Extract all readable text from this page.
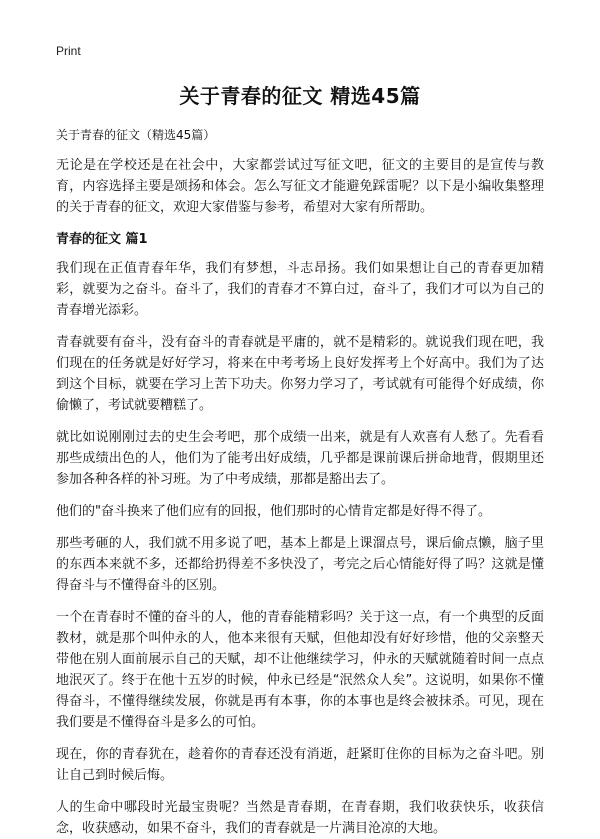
Print
关于青春的征文 精选45篇

关于青春的征文（精选45篇）

无论是在学校还是在社会中，大家都尝试过写征文吧，征文的主要目的是宣传与教育，内容选择主要是颂扬和体会。怎么写征文才能避免踩雷呢？以下是小编收集整理的关于青春的征文，欢迎大家借鉴与参考，希望对大家有所帮助。

青春的征文 篇1

我们现在正值青春年华，我们有梦想，斗志昂扬。我们如果想让自己的青春更加精彩，就要为之奋斗。奋斗了，我们的青春才不算白过，奋斗了，我们才可以为自己的青春增光添彩。

青春就要有奋斗，没有奋斗的青春就是平庸的，就不是精彩的。就说我们现在吧，我们现在的任务就是好好学习，将来在中考考场上良好发挥考上个好高中。我们为了达到这个目标，就要在学习上苦下功夫。你努力学习了，考试就有可能得个好成绩，你偷懒了，考试就要糟糕了。

就比如说刚刚过去的史生会考吧，那个成绩一出来，就是有人欢喜有人愁了。先看看那些成绩出色的人，他们为了能考出好成绩，几乎都是课前课后拼命地背，假期里还参加各种各样的补习班。为了中考成绩，那都是豁出去了。

他们的"奋斗换来了他们应有的回报，他们那时的心情肯定都是好得不得了。

那些考砸的人，我们就不用多说了吧，基本上都是上课溜点号，课后偷点懒，脑子里的东西本来就不多，还都给扔得差不多快没了，考完之后心情能好得了吗？这就是懂得奋斗与不懂得奋斗的区别。

一个在青春时不懂的奋斗的人，他的青春能精彩吗？关于这一点，有一个典型的反面教材，就是那个叫仲永的人，他本来很有天赋，但他却没有好好珍惜，他的父亲整天带他在别人面前展示自己的天赋，却不让他继续学习，仲永的天赋就随着时间一点点地泯灭了。终于在他十五岁的时候，仲永已经是“泯然众人矣”。这说明，如果你不懂得奋斗，不懂得继续发展，你就是再有本事，你的本事也是终会被抹杀。可见，现在我们要是不懂得奋斗是多么的可怕。

现在，你的青春犹在，趁着你的青春还没有消逝，赶紧盯住你的目标为之奋斗吧。别让自己到时候后悔。

人的生命中哪段时光最宝贵呢？当然是青春期，在青春期，我们收获快乐，收获信念，收获感动，如果不奋斗，我们的青春就是一片满目沧凉的大地。
